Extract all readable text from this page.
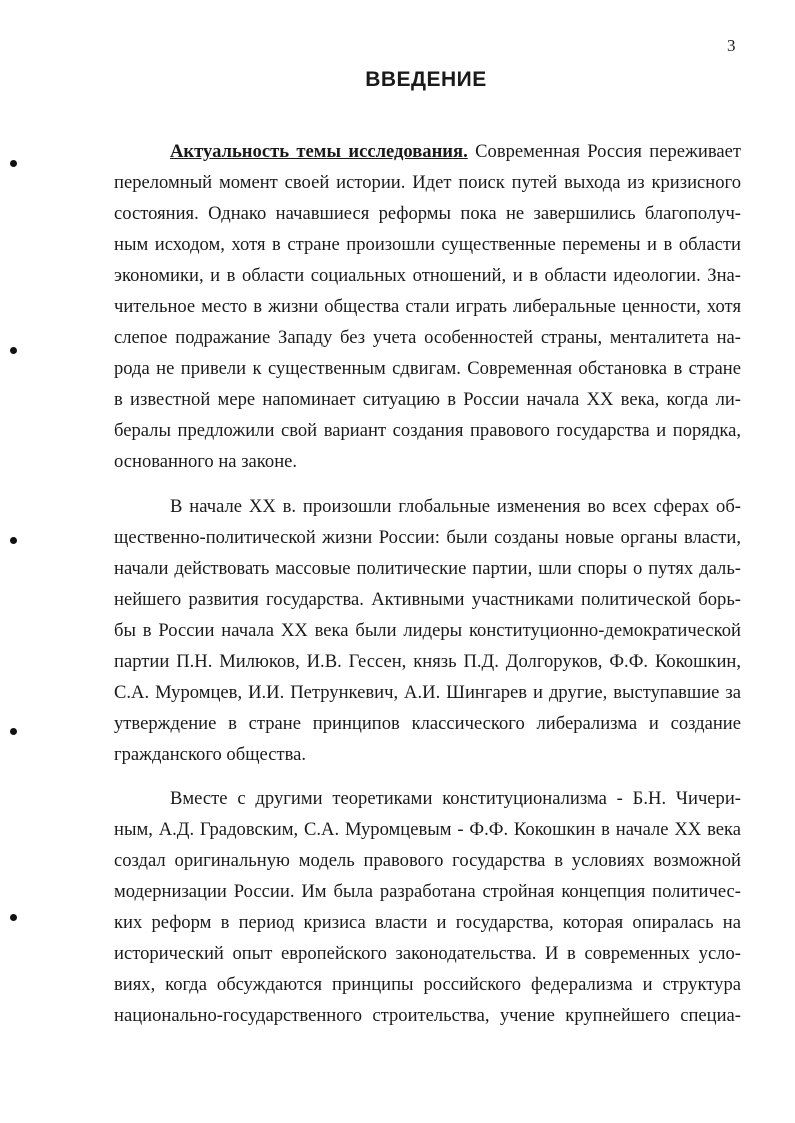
3
ВВЕДЕНИЕ
Актуальность темы исследования. Современная Россия переживает
переломный момент своей истории. Идет поиск путей выхода из кризисного
состояния. Однако начавшиеся реформы пока не завершились благополуч-
ным исходом, хотя в стране произошли существенные перемены и в области
экономики, и в области социальных отношений, и в области идеологии. Зна-
чительное место в жизни общества стали играть либеральные ценности, хотя
слепое подражание Западу без учета особенностей страны, менталитета на-
рода не привели к существенным сдвигам. Современная обстановка в стране
в известной мере напоминает ситуацию в России начала XX века, когда ли-
бералы предложили свой вариант создания правового государства и порядка,
основанного на законе.
В начале XX в. произошли глобальные изменения во всех сферах об-
щественно-политической жизни России: были созданы новые органы власти,
начали действовать массовые политические партии, шли споры о путях даль-
нейшего развития государства. Активными участниками политической борь-
бы в России начала XX века были лидеры конституционно-демократической
партии П.Н. Милюков, И.В. Гессен, князь П.Д. Долгоруков, Ф.Ф. Кокошкин,
С.А. Муромцев, И.И. Петрункевич, А.И. Шингарев и другие, выступавшие за
утверждение в стране принципов классического либерализма и создание
гражданского общества.
Вместе с другими теоретиками конституционализма - Б.Н. Чичери-
ным, А.Д. Градовским, С.А. Муромцевым - Ф.Ф. Кокошкин в начале XX века
создал оригинальную модель правового государства в условиях возможной
модернизации России. Им была разработана стройная концепция политичес-
ких реформ в период кризиса власти и государства, которая опиралась на
исторический опыт европейского законодательства. И в современных усло-
виях, когда обсуждаются принципы российского федерализма и структура
национально-государственного строительства, учение крупнейшего специа-
